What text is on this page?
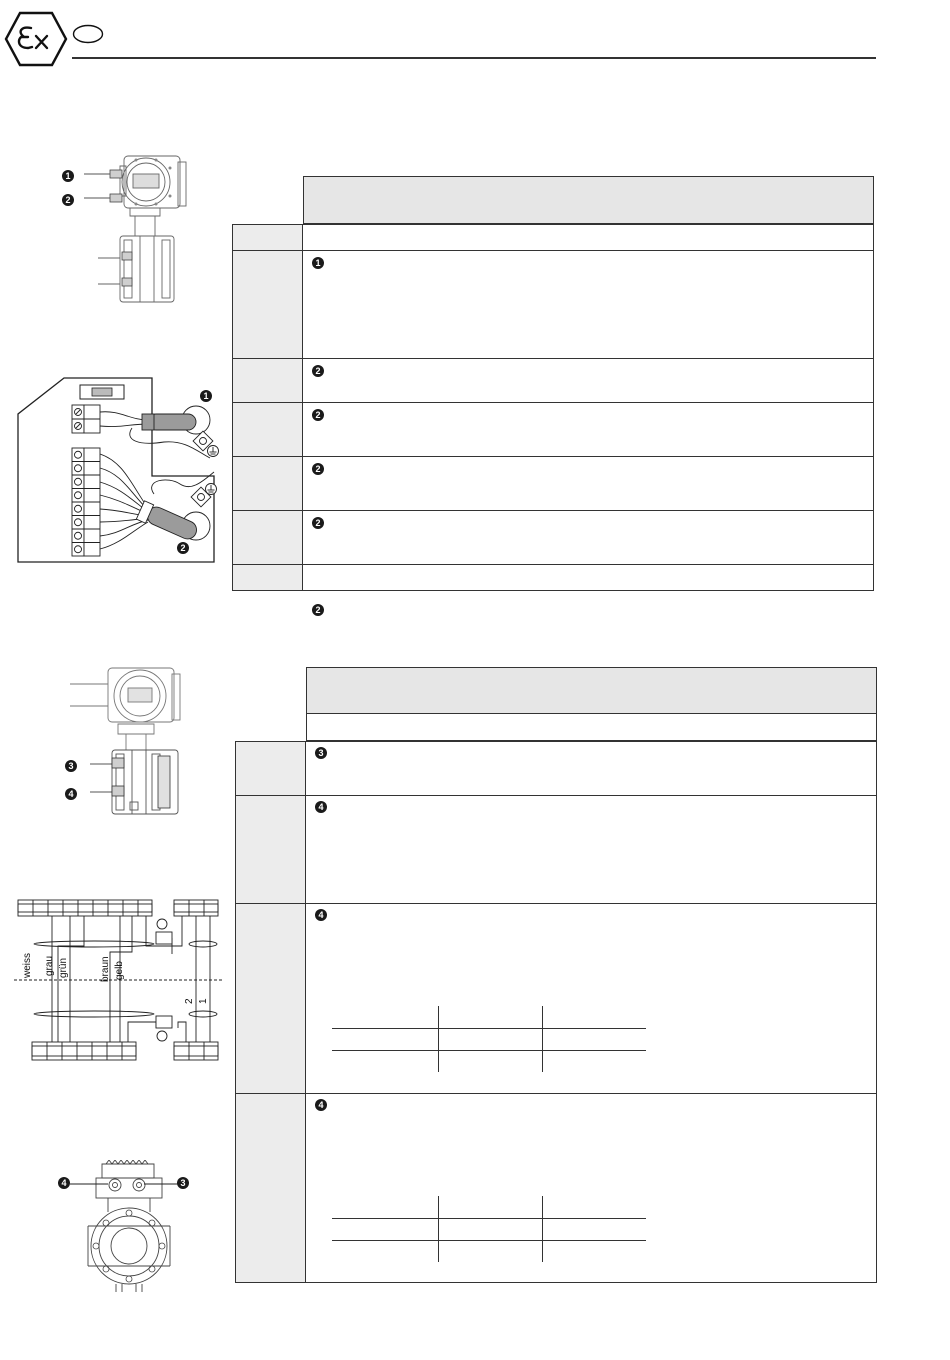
1
2
1
2
1
2
2
2
2
2
3
4
weiss grau grün	braun gelb
2 1
4	3
3
4
4
4
